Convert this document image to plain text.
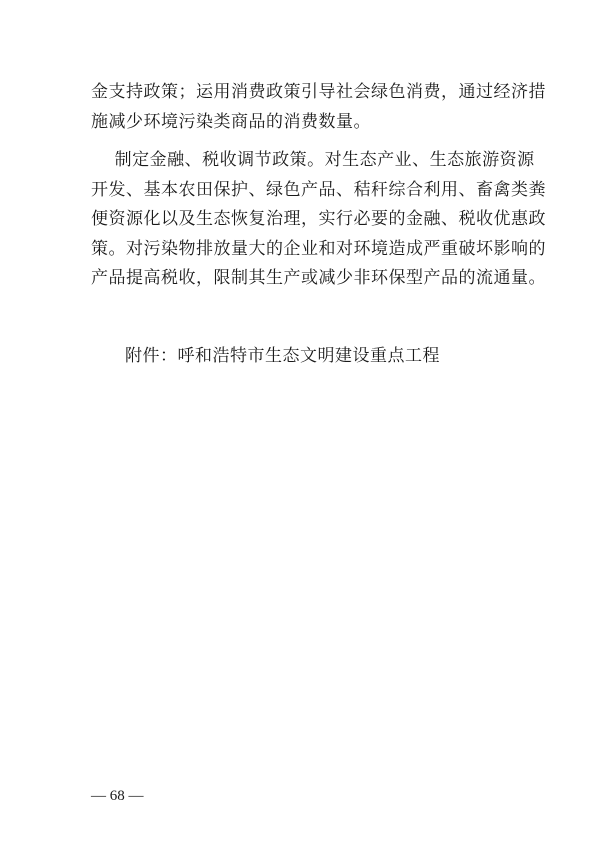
金支持政策；运用消费政策引导社会绿色消费，通过经济措
施减少环境污染类商品的消费数量。

制定金融、税收调节政策。对生态产业、生态旅游资源
开发、基本农田保护、绿色产品、秸秆综合利用、畜禽类粪
便资源化以及生态恢复治理，实行必要的金融、税收优惠政
策。对污染物排放量大的企业和对环境造成严重破坏影响的
产品提高税收，限制其生产或减少非环保型产品的流通量。

附件：呼和浩特市生态文明建设重点工程
— 68 —
